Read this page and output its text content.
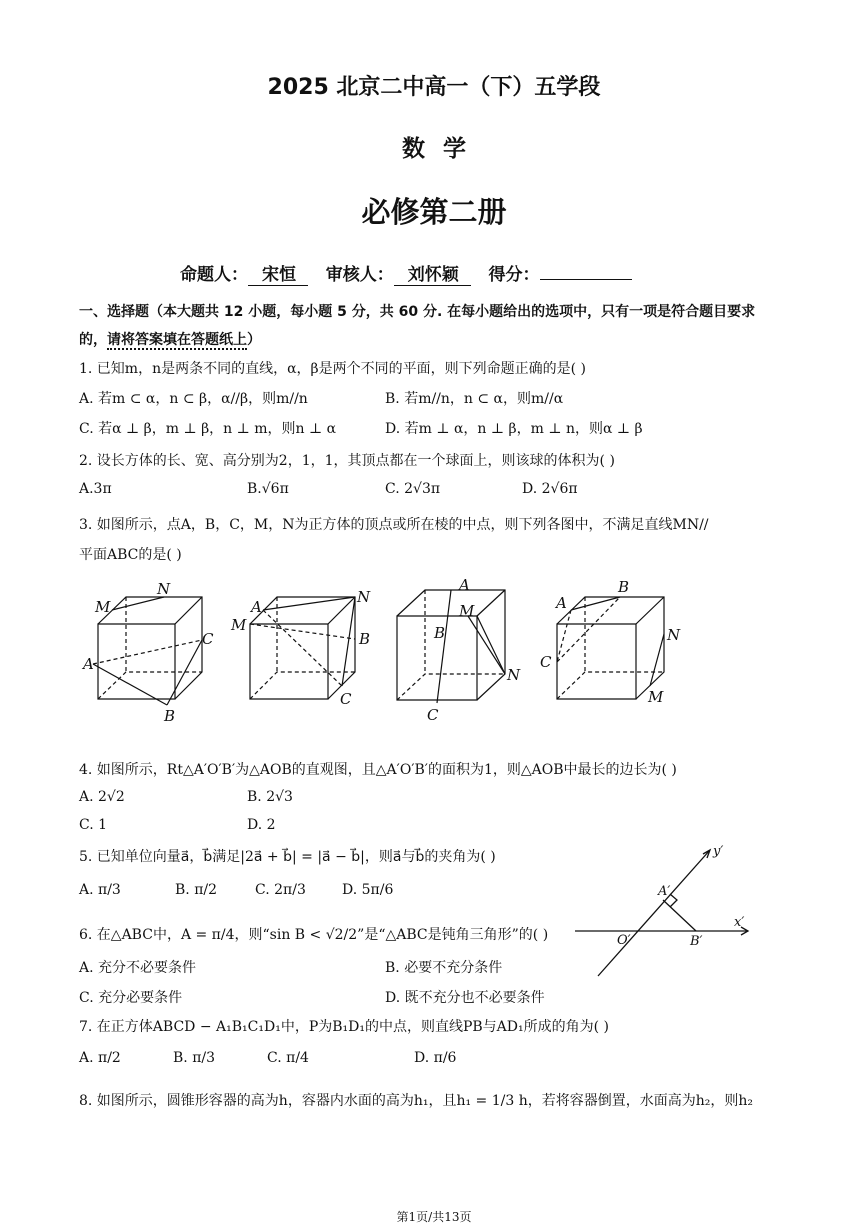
2025 北京二中高一（下）五学段
数学
必修第二册
命题人： 宋恒 审核人： 刘怀颖 得分：
一、选择题（本大题共 12 小题，每小题 5 分，共 60 分. 在每小题给出的选项中，只有一项是符合题目要求
的，请将答案填在答题纸上）
1. 已知m，n是两条不同的直线，α，β是两个不同的平面，则下列命题正确的是( )
A. 若m ⊂ α，n ⊂ β，α//β，则m//n	B. 若m//n，n ⊂ α，则m//α
C. 若α ⊥ β，m ⊥ β，n ⊥ m，则n ⊥ α	D. 若m ⊥ α，n ⊥ β，m ⊥ n，则α ⊥ β
2. 设长方体的长、宽、高分别为2，1，1，其顶点都在一个球面上，则该球的体积为( )
A.3π	B.√6π	C. 2√3π	D. 2√6π
3. 如图所示，点A，B，C，M，N为正方体的顶点或所在棱的中点，则下列各图中，不满足直线MN//
平面ABC的是( )
M
N
A
B
C
A
M
N
B
C
A
M
B
N
C
A
B
C
N
M
4. 如图所示，Rt△A′O′B′为△AOB的直观图，且△A′O′B′的面积为1，则△AOB中最长的边长为( )
A. 2√2	B. 2√3
C. 1	D. 2
5. 已知单位向量a⃗，b⃗满足|2a⃗ + b⃗| = |a⃗ − b⃗|，则a⃗与b⃗的夹角为( )
A. π/3	B. π/2	C. 2π/3	D. 5π/6
y′
x′
A′
O′	B′
6. 在△ABC中，A = π/4，则“sin B < √2/2”是“△ABC是钝角三角形”的( )
A. 充分不必要条件	B. 必要不充分条件
C. 充分必要条件	D. 既不充分也不必要条件
7. 在正方体ABCD − A₁B₁C₁D₁中，P为B₁D₁的中点，则直线PB与AD₁所成的角为( )
A. π/2	B. π/3	C. π/4	D. π/6
8. 如图所示，圆锥形容器的高为h，容器内水面的高为h₁，且h₁ = 1/3 h，若将容器倒置，水面高为h₂，则h₂
第1页/共13页
